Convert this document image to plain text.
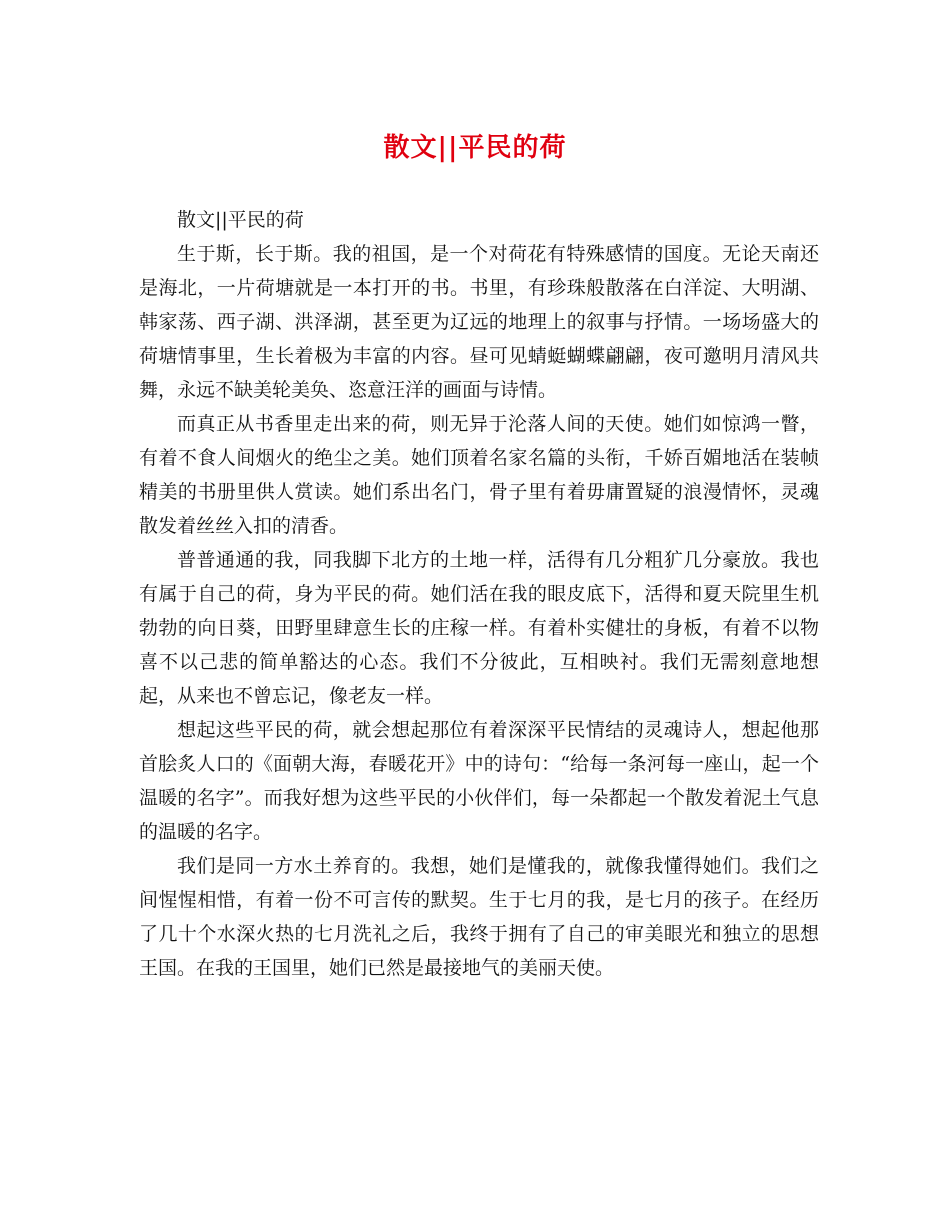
散文||平民的荷

散文||平民的荷

生于斯，长于斯。我的祖国，是一个对荷花有特殊感情的国度。无论天南还是海北，一片荷塘就是一本打开的书。书里，有珍珠般散落在白洋淀、大明湖、韩家荡、西子湖、洪泽湖，甚至更为辽远的地理上的叙事与抒情。一场场盛大的荷塘情事里，生长着极为丰富的内容。昼可见蜻蜓蝴蝶翩翩，夜可邀明月清风共舞，永远不缺美轮美奂、恣意汪洋的画面与诗情。

而真正从书香里走出来的荷，则无异于沦落人间的天使。她们如惊鸿一瞥，有着不食人间烟火的绝尘之美。她们顶着名家名篇的头衔，千娇百媚地活在装帧精美的书册里供人赏读。她们系出名门，骨子里有着毋庸置疑的浪漫情怀，灵魂散发着丝丝入扣的清香。

普普通通的我，同我脚下北方的土地一样，活得有几分粗犷几分豪放。我也有属于自己的荷，身为平民的荷。她们活在我的眼皮底下，活得和夏天院里生机勃勃的向日葵，田野里肆意生长的庄稼一样。有着朴实健壮的身板，有着不以物喜不以己悲的简单豁达的心态。我们不分彼此，互相映衬。我们无需刻意地想起，从来也不曾忘记，像老友一样。

想起这些平民的荷，就会想起那位有着深深平民情结的灵魂诗人，想起他那首脍炙人口的《面朝大海，春暖花开》中的诗句：“给每一条河每一座山，起一个温暖的名字”。而我好想为这些平民的小伙伴们，每一朵都起一个散发着泥土气息的温暖的名字。

我们是同一方水土养育的。我想，她们是懂我的，就像我懂得她们。我们之间惺惺相惜，有着一份不可言传的默契。生于七月的我，是七月的孩子。在经历了几十个水深火热的七月洗礼之后，我终于拥有了自己的审美眼光和独立的思想王国。在我的王国里，她们已然是最接地气的美丽天使。
